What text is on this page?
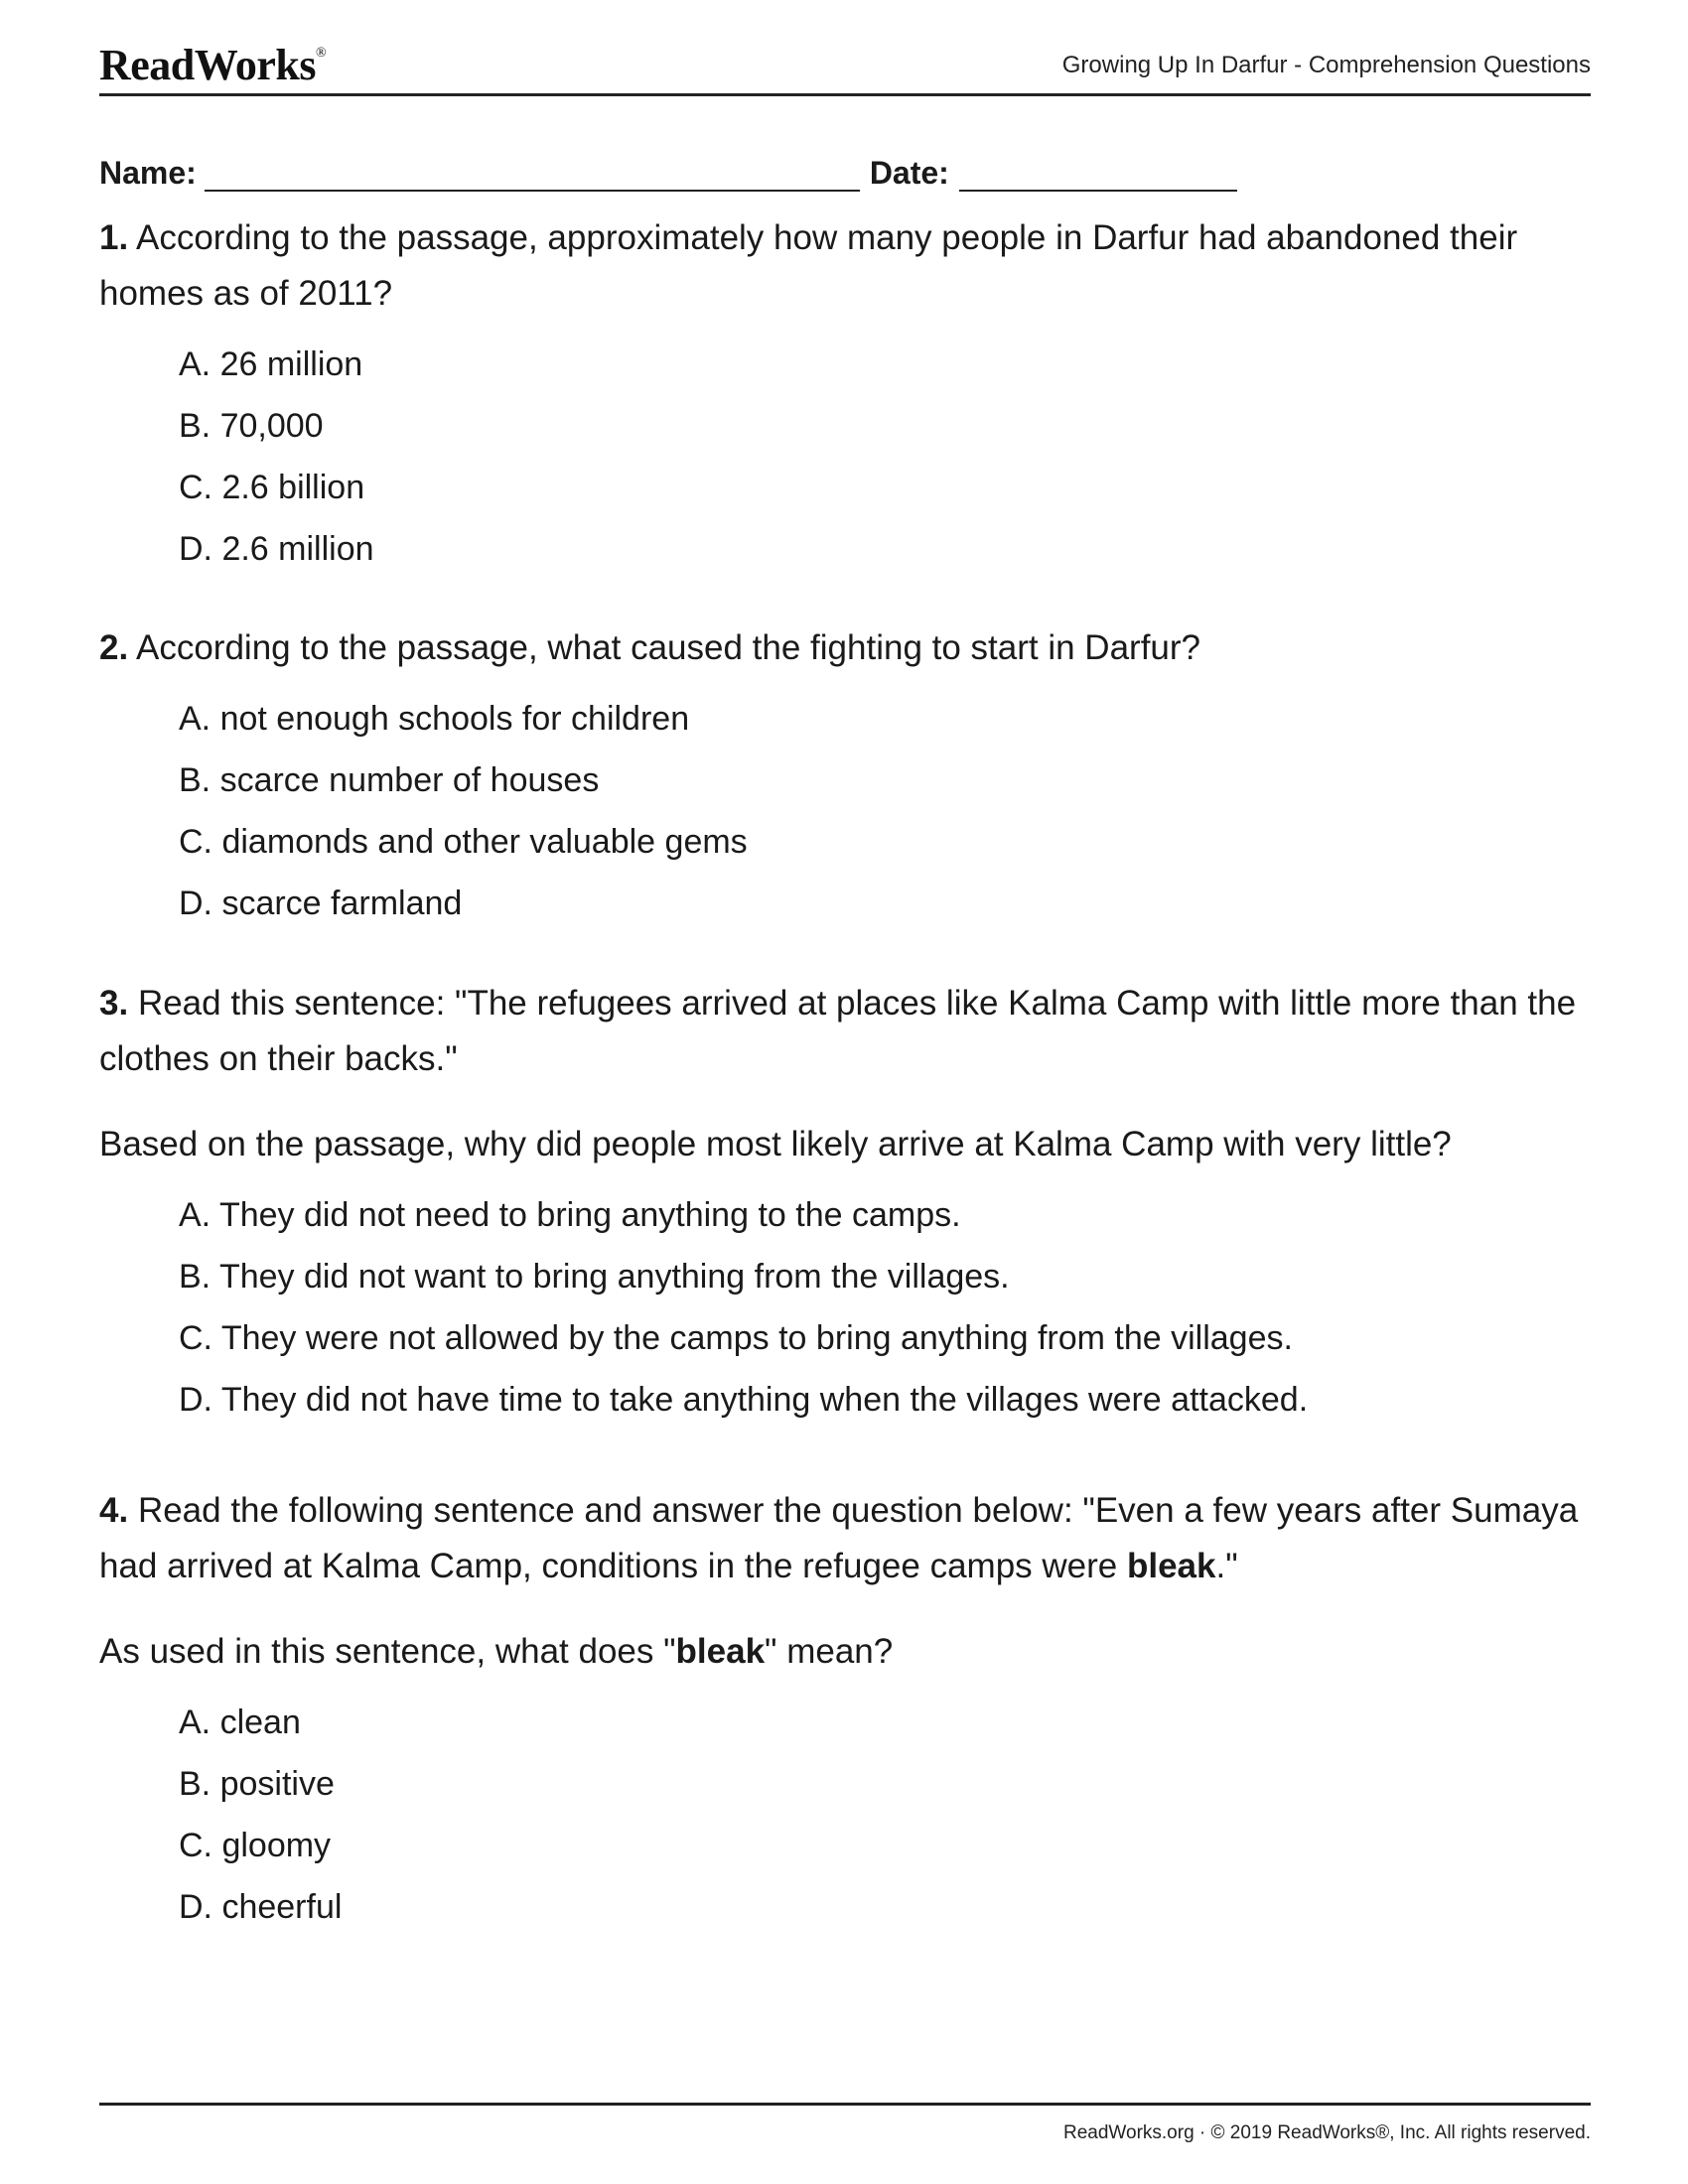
ReadWorks®	Growing Up In Darfur - Comprehension Questions
Name:	Date:
1. According to the passage, approximately how many people in Darfur had abandoned their homes as of 2011?
A. 26 million
B. 70,000
C. 2.6 billion
D. 2.6 million
2. According to the passage, what caused the fighting to start in Darfur?
A. not enough schools for children
B. scarce number of houses
C. diamonds and other valuable gems
D. scarce farmland
3. Read this sentence: "The refugees arrived at places like Kalma Camp with little more than the clothes on their backs."
Based on the passage, why did people most likely arrive at Kalma Camp with very little?
A. They did not need to bring anything to the camps.
B. They did not want to bring anything from the villages.
C. They were not allowed by the camps to bring anything from the villages.
D. They did not have time to take anything when the villages were attacked.
4. Read the following sentence and answer the question below: "Even a few years after Sumaya had arrived at Kalma Camp, conditions in the refugee camps were bleak."
As used in this sentence, what does "bleak" mean?
A. clean
B. positive
C. gloomy
D. cheerful
ReadWorks.org · © 2019 ReadWorks®, Inc. All rights reserved.
